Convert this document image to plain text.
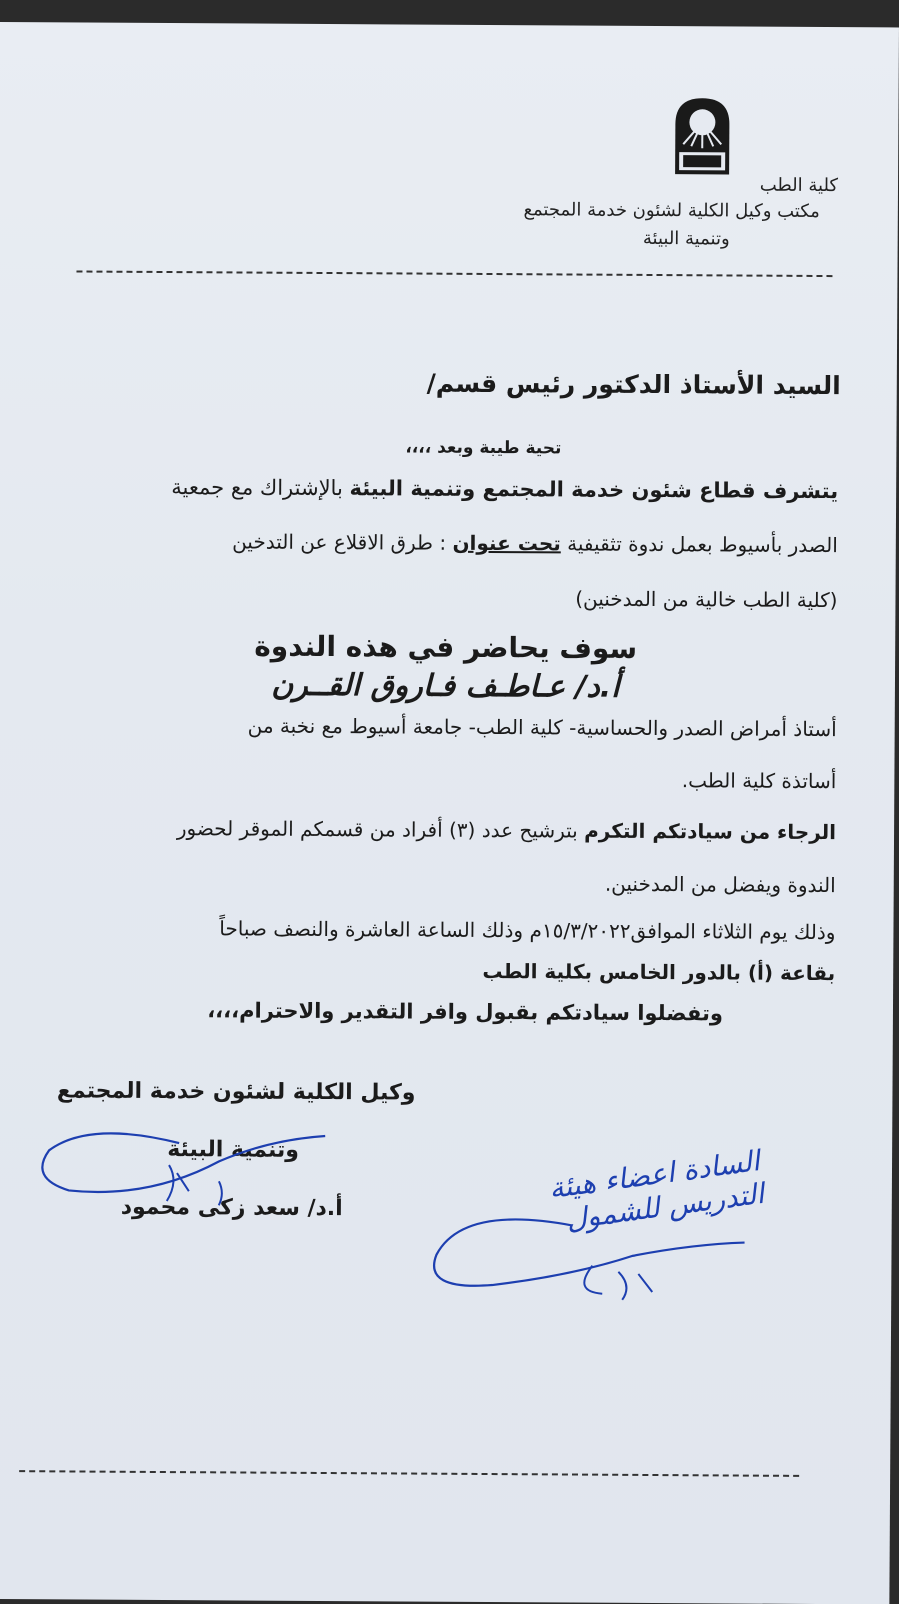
كلية الطب
مكتب وكيل الكلية لشئون خدمة المجتمع
وتنمية البيئة
السيد الأستاذ الدكتور رئيس قسم/
تحية طيبة وبعد ،،،،
يتشرف قطاع شئون خدمة المجتمع وتنمية البيئة بالإشتراك مع جمعية
الصدر بأسيوط بعمل ندوة تثقيفية تحت عنوان : طرق الاقلاع عن التدخين
(كلية الطب خالية من المدخنين)
سوف يحاضر في هذه الندوة
أ.د/ عـاطـف فـاروق القــرن
أستاذ أمراض الصدر والحساسية- كلية الطب- جامعة أسيوط مع نخبة من
أساتذة كلية الطب.
الرجاء من سيادتكم التكرم بترشيح عدد (٣) أفراد من قسمكم الموقر لحضور
الندوة ويفضل من المدخنين.
وذلك يوم الثلاثاء الموافق١٥/٣/٢٠٢٢م وذلك الساعة العاشرة والنصف صباحاً
بقاعة (أ) بالدور الخامس بكلية الطب
وتفضلوا سيادتكم بقبول وافر التقدير والاحترام،،،،
وكيل الكلية لشئون خدمة المجتمع
وتنمية البيئة
أ.د/ سعد زكى محمود
السادة اعضاء هيئة التدريس للشمول
